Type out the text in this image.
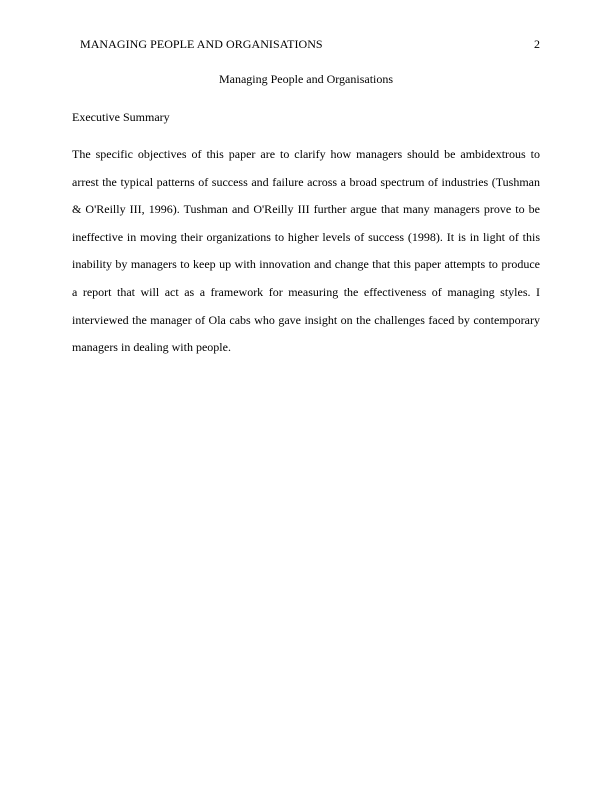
MANAGING PEOPLE AND ORGANISATIONS	2
Managing People and Organisations
Executive Summary

The specific objectives of this paper are to clarify how managers should be ambidextrous to arrest the typical patterns of success and failure across a broad spectrum of industries (Tushman & O'Reilly III, 1996). Tushman and O'Reilly III further argue that many managers prove to be ineffective in moving their organizations to higher levels of success (1998). It is in light of this inability by managers to keep up with innovation and change that this paper attempts to produce a report that will act as a framework for measuring the effectiveness of managing styles. I interviewed the manager of Ola cabs who gave insight on the challenges faced by contemporary managers in dealing with people.
